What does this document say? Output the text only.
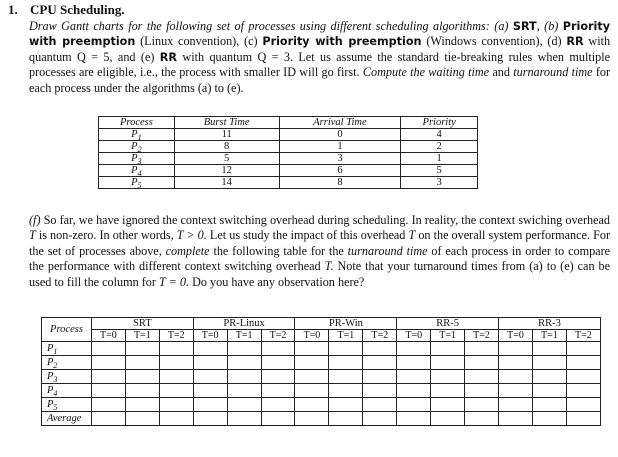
1. CPU Scheduling.
Draw Gantt charts for the following set of processes using different scheduling algorithms: (a) SRT, (b) Priority with preemption (Linux convention), (c) Priority with preemption (Windows convention), (d) RR with quantum Q = 5, and (e) RR with quantum Q = 3. Let us assume the standard tie-breaking rules when multiple processes are eligible, i.e., the process with smaller ID will go first. Compute the waiting time and turnaround time for each process under the algorithms (a) to (e).
Process	Burst Time	Arrival Time	Priority
$P_1$	11	0	4
$P_2$	8	1	2
$P_3$	5	3	1
$P_4$	12	6	5
$P_5$	14	8	3
(f) So far, we have ignored the context switching overhead during scheduling. In reality, the context swiching overhead T is non-zero. In other words, T > 0. Let us study the impact of this overhead T on the overall system performance. For the set of processes above, complete the following table for the turnaround time of each process in order to compare the performance with different context switching overhead T. Note that your turnaround times from (a) to (e) can be used to fill the column for T = 0. Do you have any observation here?
Process	SRT			PR-Linux			PR-Win			RR-5			RR-3		
	T=0	T=1	T=2	T=0	T=1	T=2	T=0	T=1	T=2	T=0	T=1	T=2	T=0	T=1	T=2
$P_1$															
$P_2$															
$P_3$															
$P_4$															
$P_5$															
Average															
